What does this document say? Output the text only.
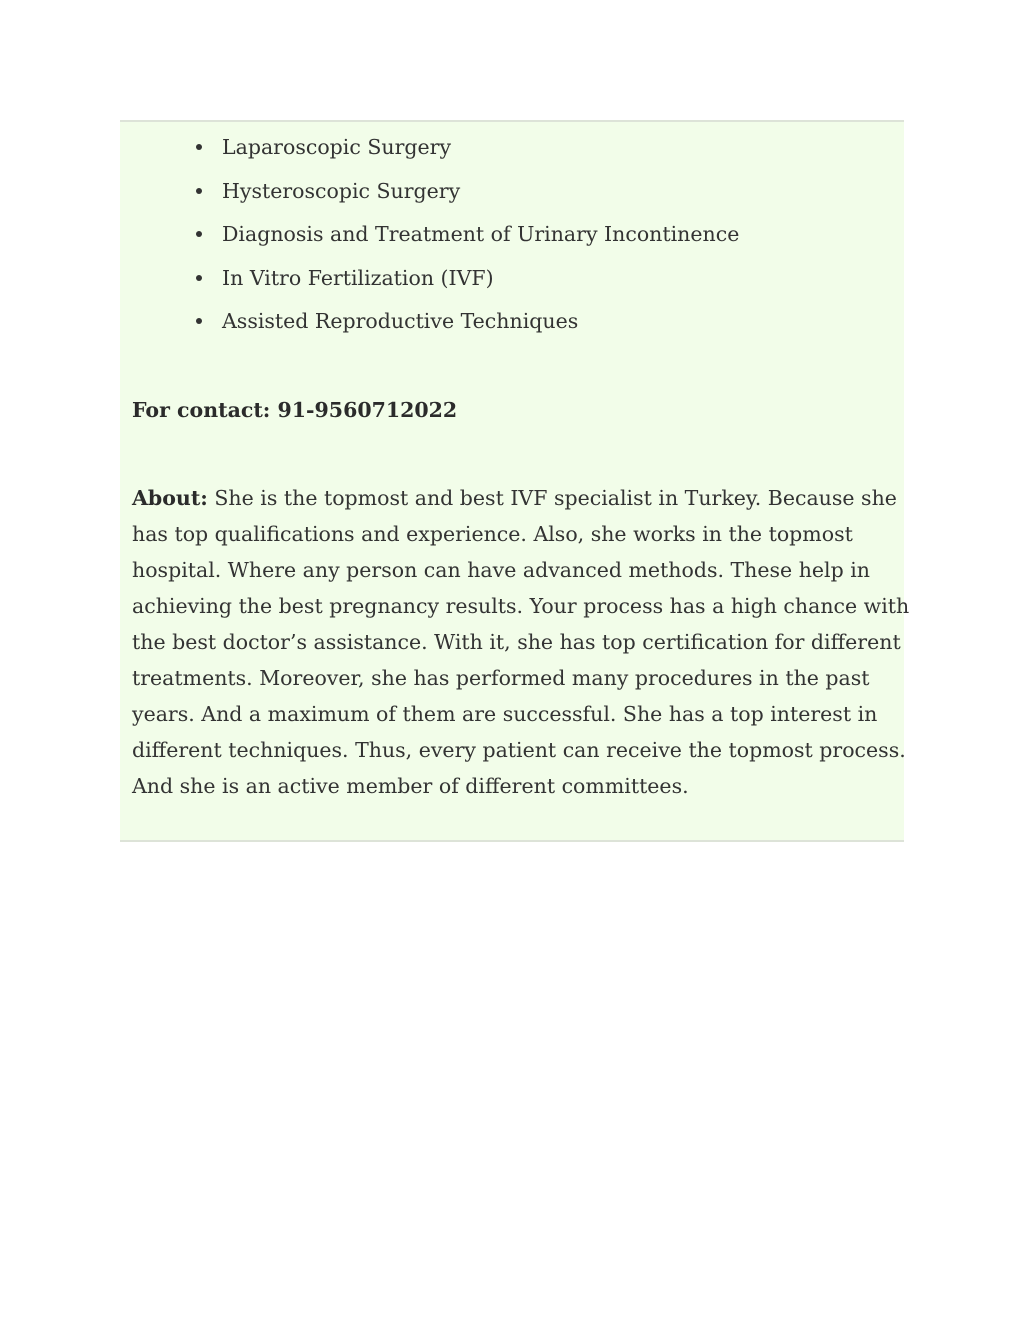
Laparoscopic Surgery
Hysteroscopic Surgery
Diagnosis and Treatment of Urinary Incontinence
In Vitro Fertilization (IVF)
Assisted Reproductive Techniques
For contact: 91-9560712022
About: She is the topmost and best IVF specialist in Turkey. Because she
has top qualifications and experience. Also, she works in the topmost
hospital. Where any person can have advanced methods. These help in
achieving the best pregnancy results. Your process has a high chance with
the best doctor’s assistance. With it, she has top certification for different
treatments. Moreover, she has performed many procedures in the past
years. And a maximum of them are successful. She has a top interest in
different techniques. Thus, every patient can receive the topmost process.
And she is an active member of different committees.
